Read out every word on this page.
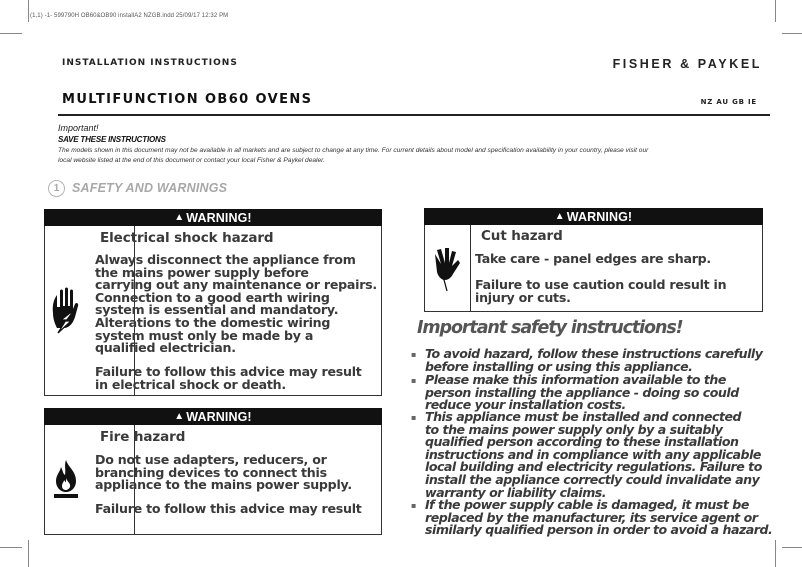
(1,1) -1- 599790H OB60&OB90 installA2 NZGB.indd 25/09/17 12:32 PM
INSTALLATION INSTRUCTIONS	FISHER & PAYKEL
MULTIFUNCTION OB60 OVENS	NZ AU GB IE
Important!
SAVE THESE INSTRUCTIONS
The models shown in this document may not be available in all markets and are subject to change at any time. For current details about model and specification availability in your country, please visit our
local website listed at the end of this document or contact your local Fisher & Paykel dealer.
1	SAFETY AND WARNINGS
▲ WARNING!
Electrical shock hazard
Always disconnect the appliance from
the mains power supply before
carrying out any maintenance or repairs.
Connection to a good earth wiring
system is essential and mandatory.
Alterations to the domestic wiring
system must only be made by a
qualified electrician.
Failure to follow this advice may result
in electrical shock or death.
▲ WARNING!
Fire hazard
Do not use adapters, reducers, or
branching devices to connect this
appliance to the mains power supply.
Failure to follow this advice may result
▲ WARNING!
Cut hazard
Take care - panel edges are sharp.
Failure to use caution could result in
injury or cuts.
Important safety instructions!
▪ To avoid hazard, follow these instructions carefully
before installing or using this appliance.
▪ Please make this information available to the
person installing the appliance - doing so could
reduce your installation costs.
▪ This appliance must be installed and connected
to the mains power supply only by a suitably
qualified person according to these installation
instructions and in compliance with any applicable
local building and electricity regulations. Failure to
install the appliance correctly could invalidate any
warranty or liability claims.
▪ If the power supply cable is damaged, it must be
replaced by the manufacturer, its service agent or
similarly qualified person in order to avoid a hazard.
